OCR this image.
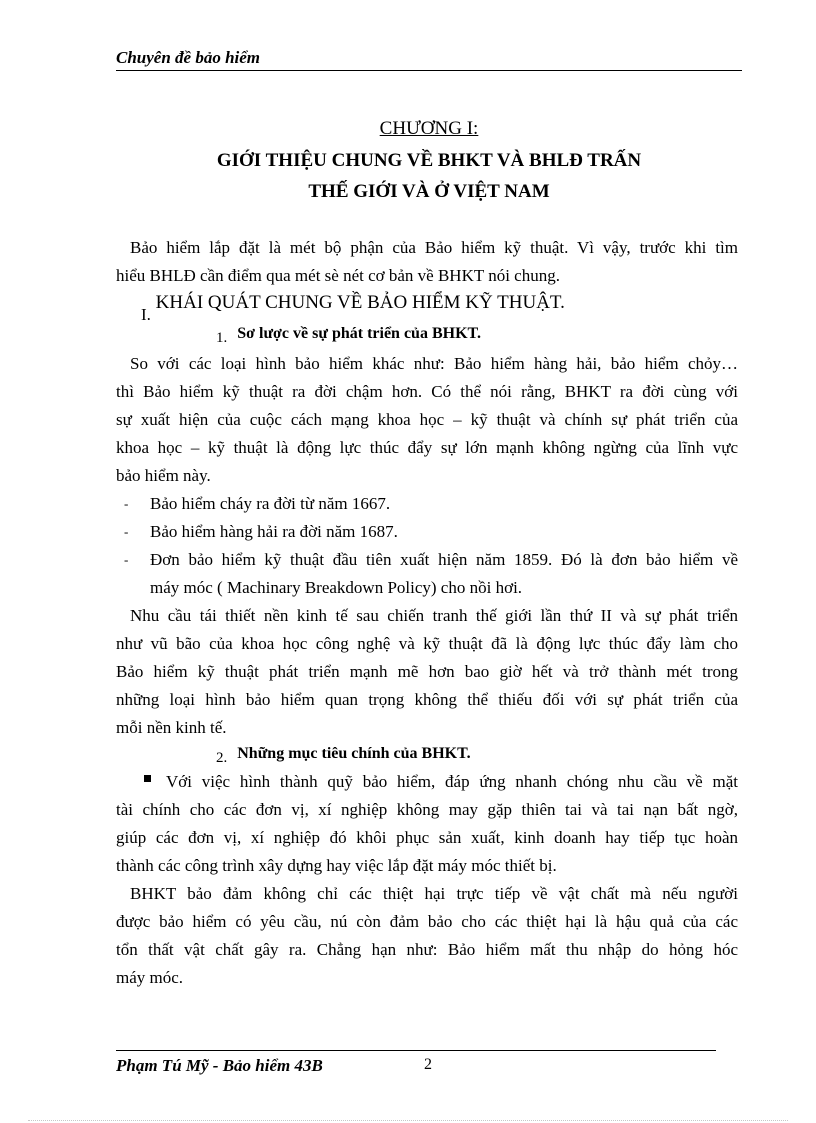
Chuyên đề bảo hiểm
CHƯƠNG I:
GIỚI THIỆU CHUNG VỀ BHKT VÀ BHLĐ TRẤN
THẾ GIỚI VÀ Ở VIỆT NAM
Bảo hiểm lắp đặt là mét bộ phận của Bảo hiểm kỹ thuật. Vì vậy, trước khi tìm
hiểu BHLĐ cần điểm qua mét sè nét cơ bản về BHKT nói chung.
I. KHÁI QUÁT CHUNG VỀ BẢO HIỂM KỸ THUẬT.
1. Sơ lược về sự phát triển của BHKT.
So với các loại hình bảo hiểm khác như: Bảo hiểm hàng hải, bảo hiểm chỏy…
thì Bảo hiểm kỹ thuật ra đời chậm hơn. Có thể nói rằng, BHKT ra đời cùng với
sự xuất hiện của cuộc cách mạng khoa học – kỹ thuật và chính sự phát triển của
khoa học – kỹ thuật là động lực thúc đẩy sự lớn mạnh không ngừng của lĩnh vực
bảo hiểm này.
- Bảo hiểm cháy ra đời từ năm 1667.
- Bảo hiểm hàng hải ra đời năm 1687.
- Đơn bảo hiểm kỹ thuật đầu tiên xuất hiện năm 1859. Đó là đơn bảo hiểm về
máy móc ( Machinary Breakdown Policy) cho nồi hơi.
Nhu cầu tái thiết nền kinh tế sau chiến tranh thế giới lần thứ II và sự phát triển
như vũ bão của khoa học công nghệ và kỹ thuật đã là động lực thúc đẩy làm cho
Bảo hiểm kỹ thuật phát triển mạnh mẽ hơn bao giờ hết và trở thành mét trong
những loại hình bảo hiểm quan trọng không thể thiếu đối với sự phát triển của
mỗi nền kinh tế.
2. Những mục tiêu chính của BHKT.
Với việc hình thành quỹ bảo hiểm, đáp ứng nhanh chóng nhu cầu về mặt
tài chính cho các đơn vị, xí nghiệp không may gặp thiên tai và tai nạn bất ngờ,
giúp các đơn vị, xí nghiệp đó khôi phục sản xuất, kinh doanh hay tiếp tục hoàn
thành các công trình xây dựng hay việc lắp đặt máy móc thiết bị.
BHKT bảo đảm không chỉ các thiệt hại trực tiếp về vật chất mà nếu người
được bảo hiểm có yêu cầu, nú còn đảm bảo cho các thiệt hại là hậu quả của các
tổn thất vật chất gây ra. Chẳng hạn như: Bảo hiểm mất thu nhập do hỏng hóc
máy móc.
Phạm Tú Mỹ - Bảo hiểm 43B	2
